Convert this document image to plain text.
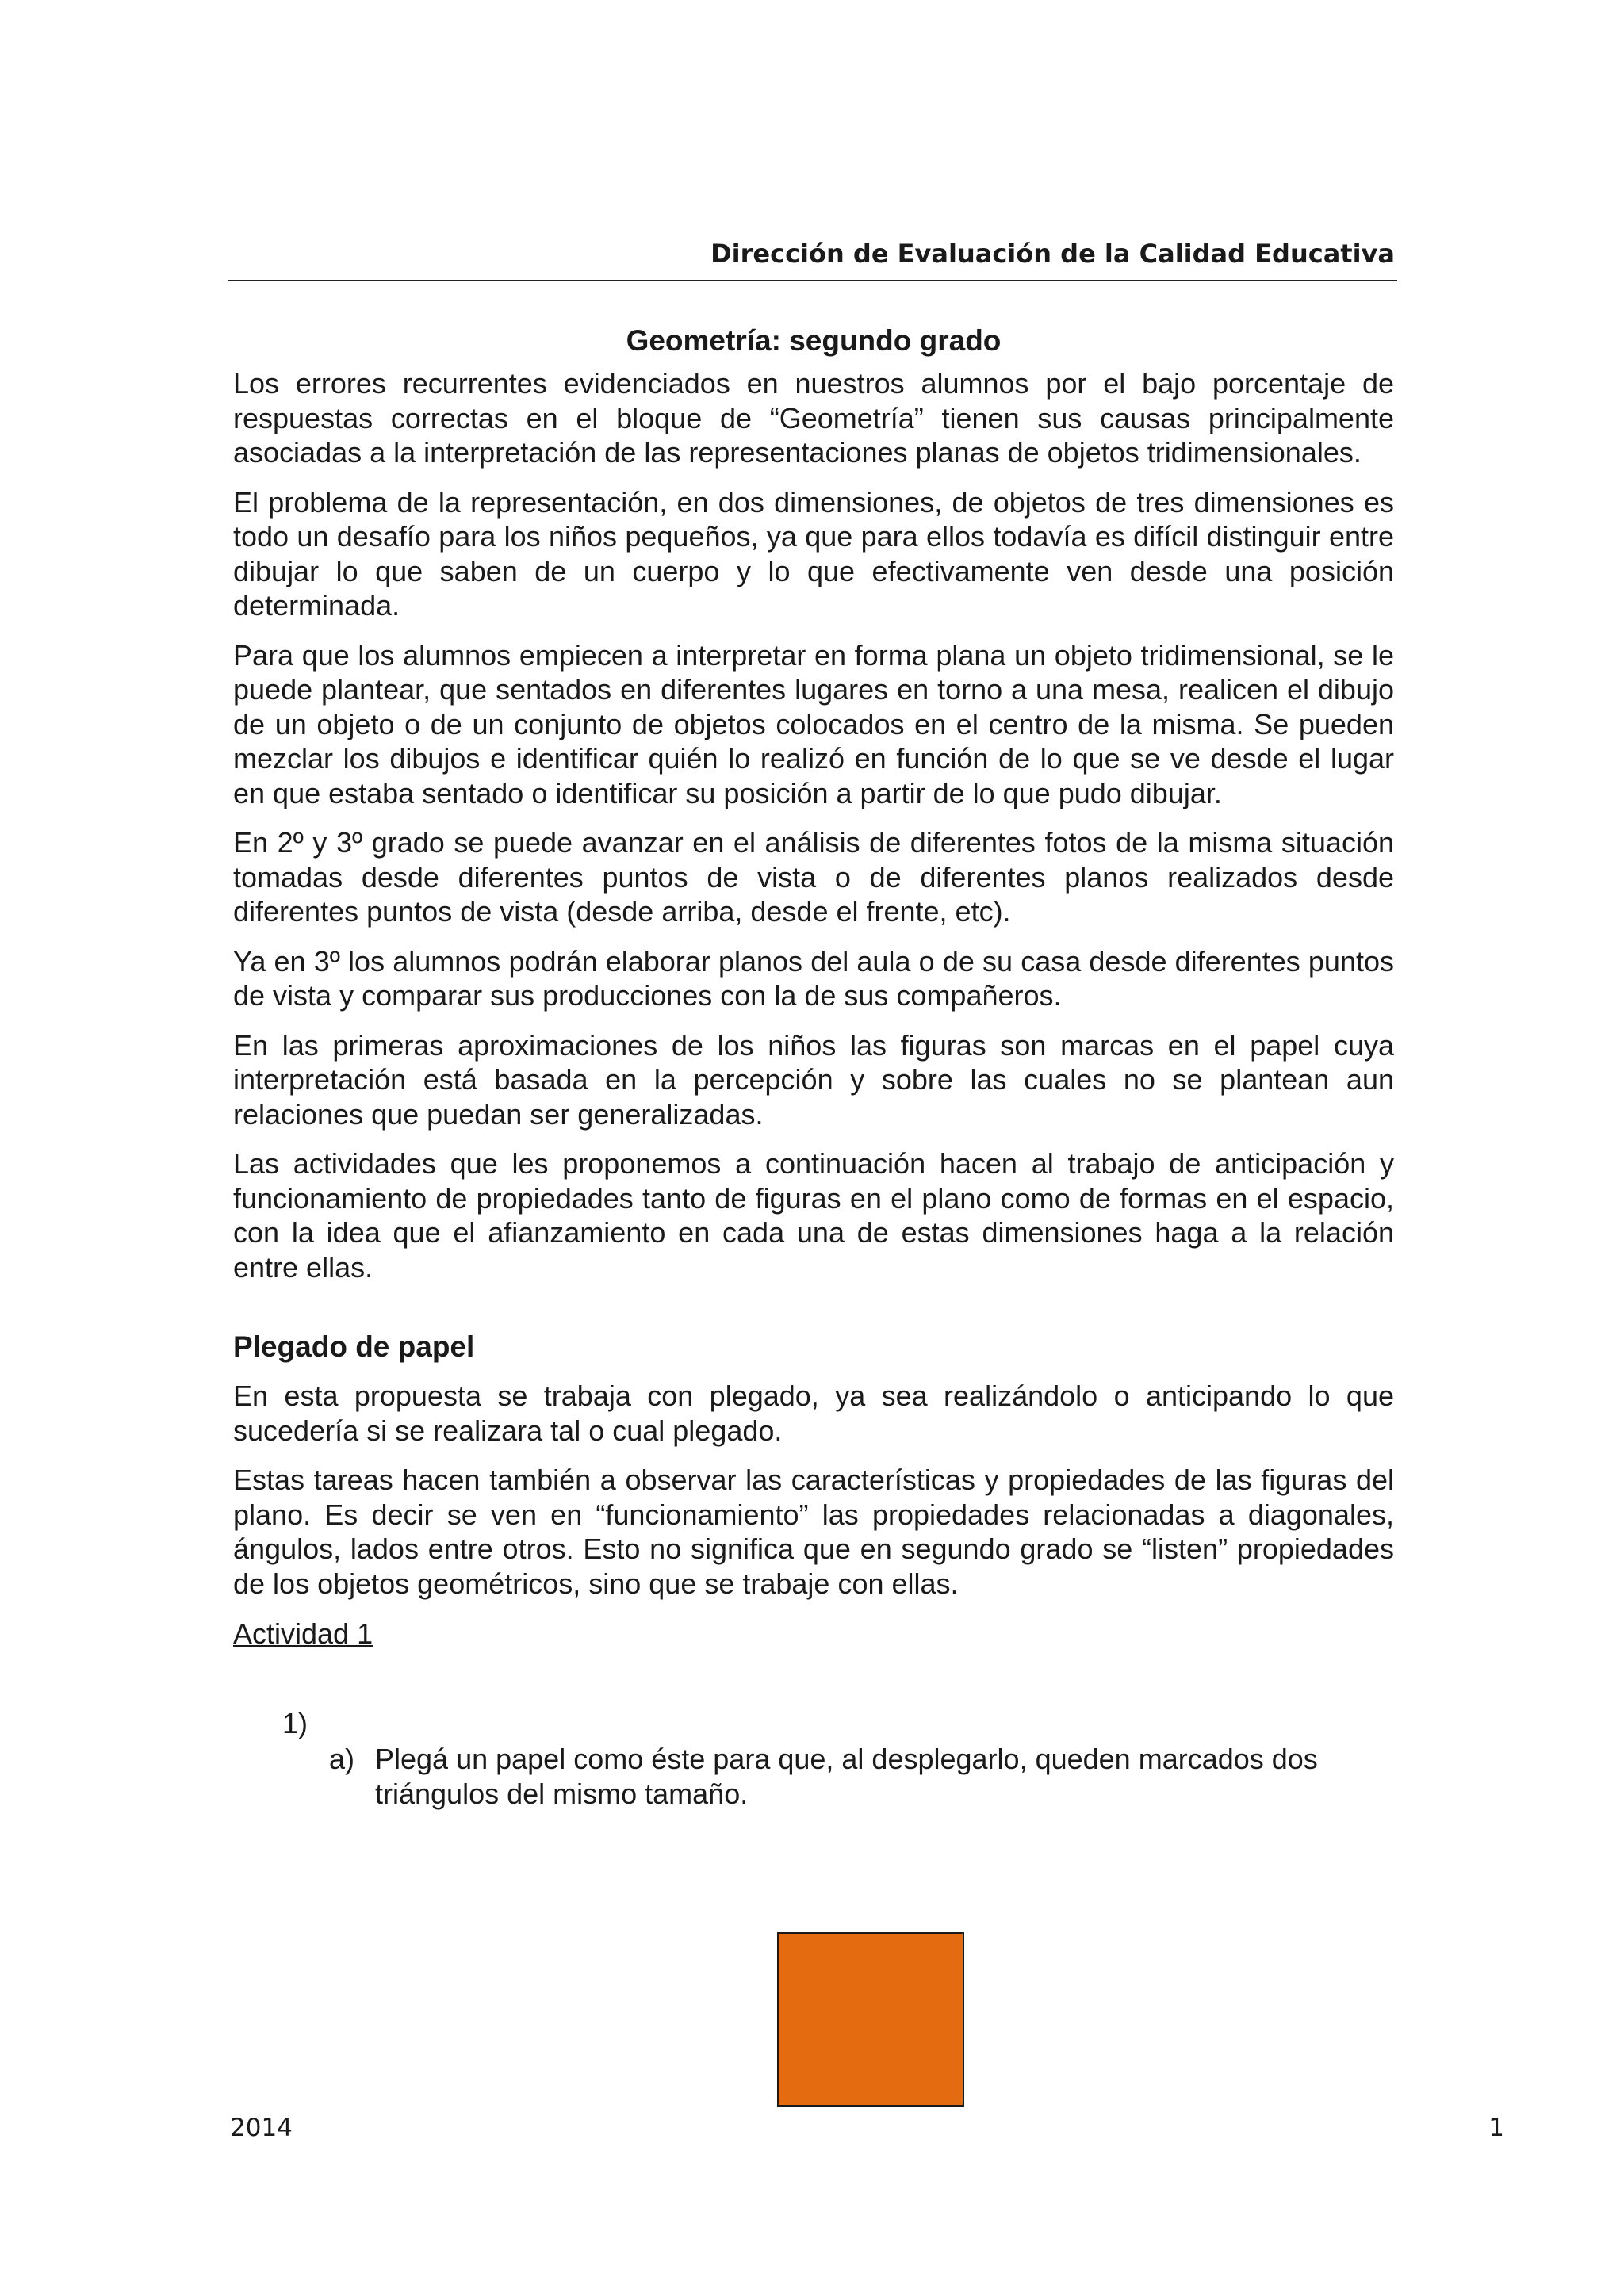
Dirección de Evaluación de la Calidad Educativa
Geometría: segundo grado

Los errores recurrentes evidenciados en nuestros alumnos por el bajo porcentaje de respuestas correctas en el bloque de “Geometría” tienen sus causas principalmente asociadas a la interpretación de las representaciones planas de objetos tridimensionales.

El problema de la representación, en dos dimensiones, de objetos de tres dimensiones es todo un desafío para los niños pequeños, ya que para ellos todavía es difícil distinguir entre dibujar lo que saben de un cuerpo y lo que efectivamente ven desde una posición determinada.

Para que los alumnos empiecen a interpretar en forma plana un objeto tridimensional, se le puede plantear, que sentados en diferentes lugares en torno a una mesa, realicen el dibujo de un objeto o de un conjunto de objetos colocados en el centro de la misma. Se pueden mezclar los dibujos e identificar quién lo realizó en función de lo que se ve desde el lugar en que estaba sentado o identificar su posición a partir de lo que pudo dibujar.

En 2º y 3º grado se puede avanzar en el análisis de diferentes fotos de la misma situación tomadas desde diferentes puntos de vista o de diferentes planos realizados desde diferentes puntos de vista (desde arriba, desde el frente, etc).

Ya en 3º los alumnos podrán elaborar planos del aula o de su casa desde diferentes puntos de vista y comparar sus producciones con la de sus compañeros.

En las primeras aproximaciones de los niños las figuras son marcas en el papel cuya interpretación está basada en la percepción y sobre las cuales no se plantean aun relaciones que puedan ser generalizadas.

Las actividades que les proponemos a continuación hacen al trabajo de anticipación y funcionamiento de propiedades tanto de figuras en el plano como de formas en el espacio, con la idea que el afianzamiento en cada una de estas dimensiones haga a la relación entre ellas.

Plegado de papel

En esta propuesta se trabaja con plegado, ya sea realizándolo o anticipando lo que sucedería si se realizara tal o cual plegado.

Estas tareas hacen también a observar las características y propiedades de las figuras del plano. Es decir se ven en “funcionamiento” las propiedades relacionadas a diagonales, ángulos, lados entre otros. Esto no significa que en segundo grado se “listen” propiedades de los objetos geométricos, sino que se trabaje con ellas.

Actividad 1
1)
a) Plegá un papel como éste para que, al desplegarlo, queden marcados dos triángulos del mismo tamaño.
2014	1
